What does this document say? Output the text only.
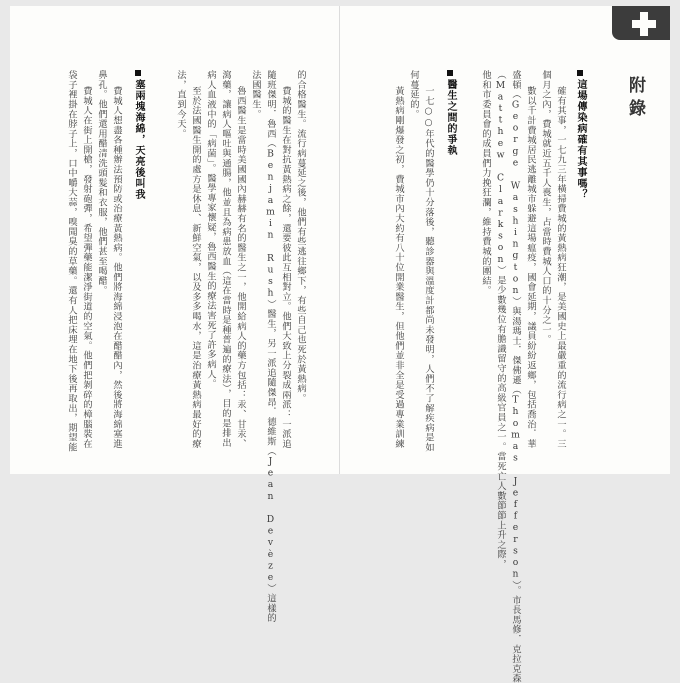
的合格醫生。流行病蔓延之後，他們有些逃往鄉下，有些自己也死於黃熱病。
費城的醫生在對抗黃熱病之餘，還要彼此互相對立。他們大致上分裂成兩派：一派追
隨班傑明．魯西（Benjamin Rush）醫生，另一派追隨傑昂．德維斯（Jean Devèze）這樣的
法國醫生。
魯西醫生是當時美國國內赫赫有名的醫生之一，他開給病人的藥方包括：汞、甘汞、
瀉藥，讓病人嘔吐與通腸，他並且為病患放血（這在當時是種普遍的療法），目的是排出
病人血液中的「病菌」。醫學專家懷疑，魯西醫生的療法害死了許多病人。
至於法國醫生開的處方是休息、新鮮空氣，以及多多喝水，這是治療黃熱病最好的療
法，直到今天。
塞兩塊海綿，天亮後叫我
費城人想盡各種辦法預防或治療黃熱病。他們將海綿浸泡在醋醋內，然後將海綿塞進
鼻孔。他們還用醋清洗頭髮和衣服，他們甚至喝醋。
費城人在街上開槍，發射砲彈，希望彈藥能潔淨街道的空氣。他們把剝碎的樟腦裝在
袋子裡掛在脖子上，口中嚼大蒜，嗅聞臭的草藥。還有人把床埋在地下後再取出，期望能	附錄
這場傳染病確有其事嗎？
確有其事，一七九三年橫掃費城的黃熱病狂潮，是美國史上最嚴重的流行病之一。三
個月之內，費城就近五千人喪生，占當時費城人口的十分之一。
數以千計費城居民逃離城市躲避這場瘟疫，國會延期，議員紛紛返鄉，包括喬治．華
盛頓（George Washington）與湯瑪士．傑佛遜（Thomas Jefferson）。市長馬修．克拉克森
（Matthew Clarkson）是少數幾位有膽識留守的高級官員之一。當死亡人數節節上升之際，
他和市委員會的成員們力挽狂瀾，維持費城的團結。
醫生之間的爭執
一七○○年代的醫學仍十分落後，聽診器與溫度計都尚未發明，人們不了解疾病是如
何蔓延的。
黃熱病剛爆發之初，費城市內大約有八十位開業醫生，但他們並非全是受過專業訓練
